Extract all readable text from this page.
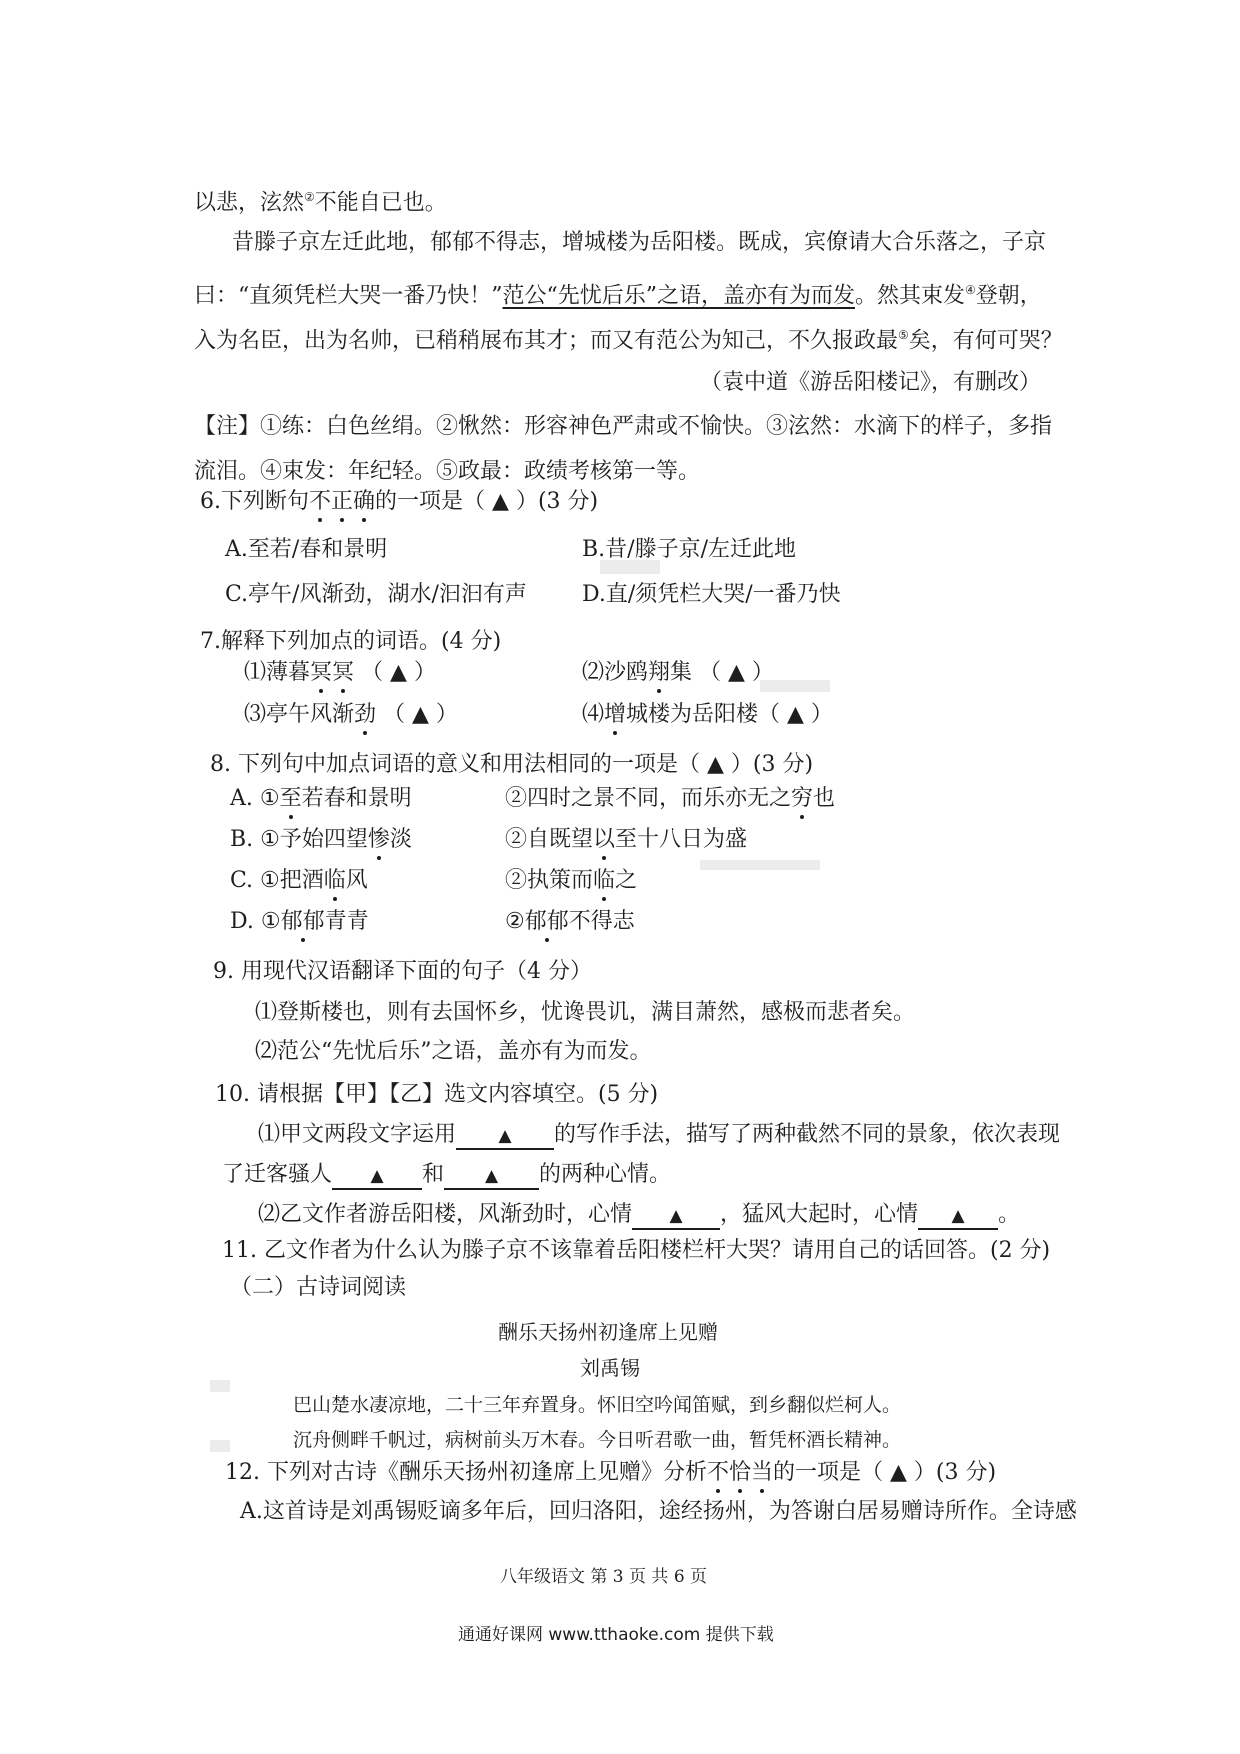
以悲，泫然②不能自已也。
昔滕子京左迁此地，郁郁不得志，增城楼为岳阳楼。既成，宾僚请大合乐落之，子京
曰：“直须凭栏大哭一番乃快！”范公“先忧后乐”之语，盖亦有为而发。然其束发④登朝，
入为名臣，出为名帅，已稍稍展布其才；而又有范公为知己，不久报政最⑤矣，有何可哭？
（袁中道《游岳阳楼记》，有删改）
【注】①练：白色丝绢。②愀然：形容神色严肃或不愉快。③泫然：水滴下的样子，多指
流泪。④束发：年纪轻。⑤政最：政绩考核第一等。
6.下列断句不正确的一项是（ ▲ ）(3 分)
A.至若/春和景明	B.昔/滕子京/左迁此地
C.亭午/风渐劲，湖水/汩汩有声	D.直/须凭栏大哭/一番乃快
7.解释下列加点的词语。(4 分)
⑴薄暮冥冥 （ ▲ ）	⑵沙鸥翔集 （ ▲ ）
⑶亭午风渐劲 （ ▲ ）	⑷增城楼为岳阳楼（ ▲ ）
8. 下列句中加点词语的意义和用法相同的一项是（ ▲ ）(3 分)
A. ①至若春和景明	②四时之景不同，而乐亦无之穷也
B. ①予始四望惨淡	②自既望以至十八日为盛
C. ①把酒临风	②执策而临之
D. ①郁郁青青	②郁郁不得志
9. 用现代汉语翻译下面的句子（4 分）
⑴登斯楼也，则有去国怀乡，忧谗畏讥，满目萧然，感极而悲者矣。
⑵范公“先忧后乐”之语，盖亦有为而发。
10. 请根据【甲】【乙】选文内容填空。(5 分)
⑴甲文两段文字运用 ▲ 的写作手法，描写了两种截然不同的景象，依次表现
了迁客骚人 ▲ 和 ▲ 的两种心情。
⑵乙文作者游岳阳楼，风渐劲时，心情 ▲ ，猛风大起时，心情 ▲ 。
11. 乙文作者为什么认为滕子京不该靠着岳阳楼栏杆大哭？请用自己的话回答。(2 分)
（二）古诗词阅读
酬乐天扬州初逢席上见赠
刘禹锡
巴山楚水凄凉地，二十三年弃置身。怀旧空吟闻笛赋，到乡翻似烂柯人。
沉舟侧畔千帆过，病树前头万木春。今日听君歌一曲，暂凭杯酒长精神。
12. 下列对古诗《酬乐天扬州初逢席上见赠》分析不恰当的一项是（ ▲ ）(3 分)
A.这首诗是刘禹锡贬谪多年后，回归洛阳，途经扬州，为答谢白居易赠诗所作。全诗感
八年级语文 第 3 页 共 6 页
通通好课网 www.tthaoke.com 提供下载
